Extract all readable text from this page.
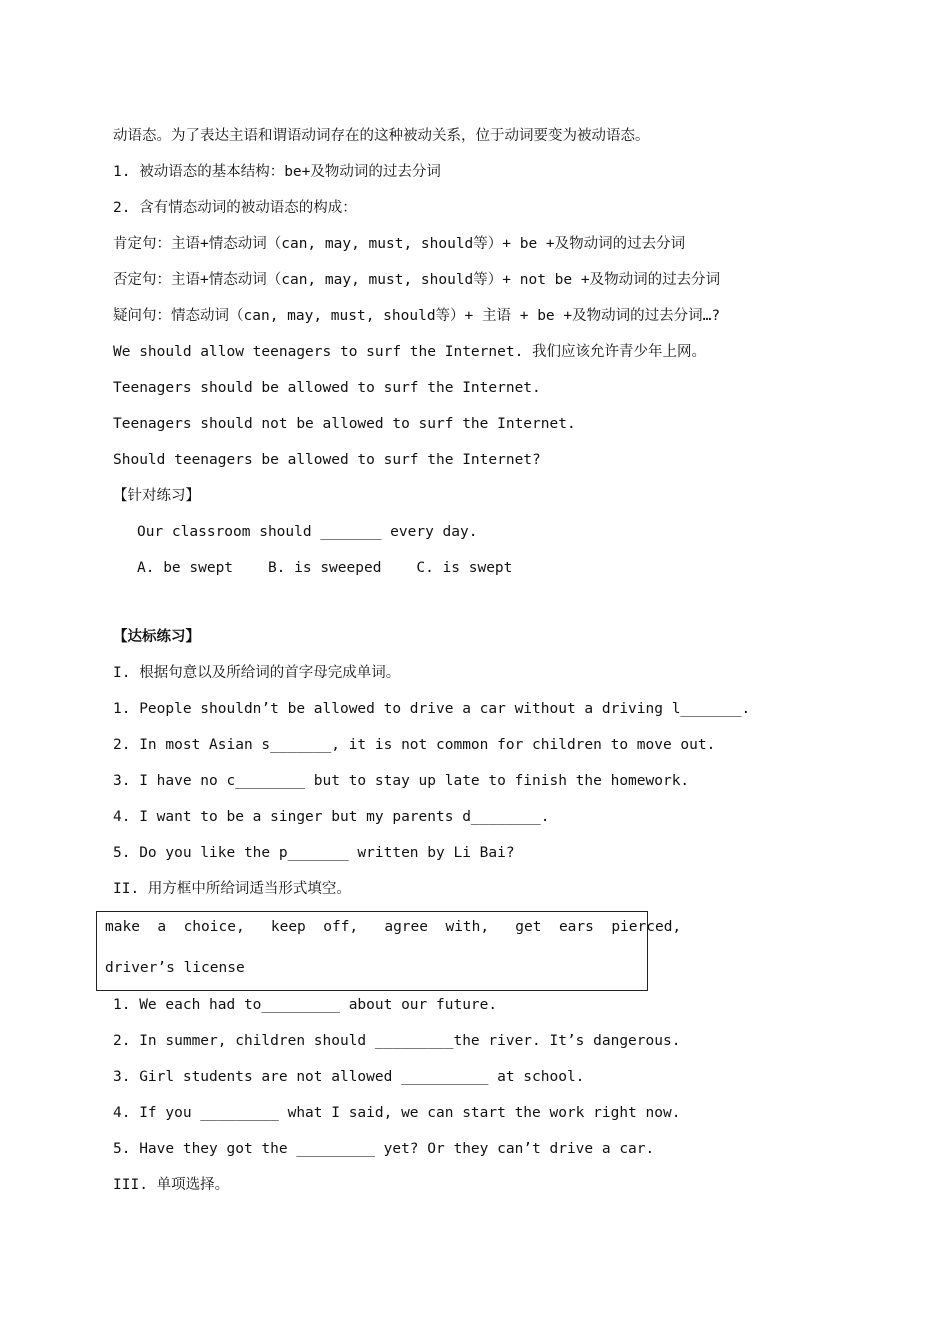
动语态。为了表达主语和谓语动词存在的这种被动关系，位于动词要变为被动语态。
1. 被动语态的基本结构：be+及物动词的过去分词
2. 含有情态动词的被动语态的构成：
肯定句：主语+情态动词（can, may, must, should等）+ be +及物动词的过去分词
否定句：主语+情态动词（can, may, must, should等）+ not be +及物动词的过去分词
疑问句：情态动词（can, may, must, should等）+ 主语 + be +及物动词的过去分词…?
We should allow teenagers to surf the Internet. 我们应该允许青少年上网。
Teenagers should be allowed to surf the Internet.
Teenagers should not be allowed to surf the Internet.
Should teenagers be allowed to surf the Internet?
【针对练习】
Our classroom should _______ every day.
A. be swept    B. is sweeped    C. is swept
【达标练习】
I. 根据句意以及所给词的首字母完成单词。
1. People shouldn’t be allowed to drive a car without a driving l_______.
2. In most Asian s_______, it is not common for children to move out.
3. I have no c________ but to stay up late to finish the homework.
4. I want to be a singer but my parents d________.
5. Do you like the p_______ written by Li Bai?
II. 用方框中所给词适当形式填空。
make  a  choice,   keep  off,   agree  with,   get  ears  pierced,
driver’s license
1. We each had to_________ about our future.
2. In summer, children should _________the river. It’s dangerous.
3. Girl students are not allowed __________ at school.
4. If you _________ what I said, we can start the work right now.
5. Have they got the _________ yet? Or they can’t drive a car.
III. 单项选择。
